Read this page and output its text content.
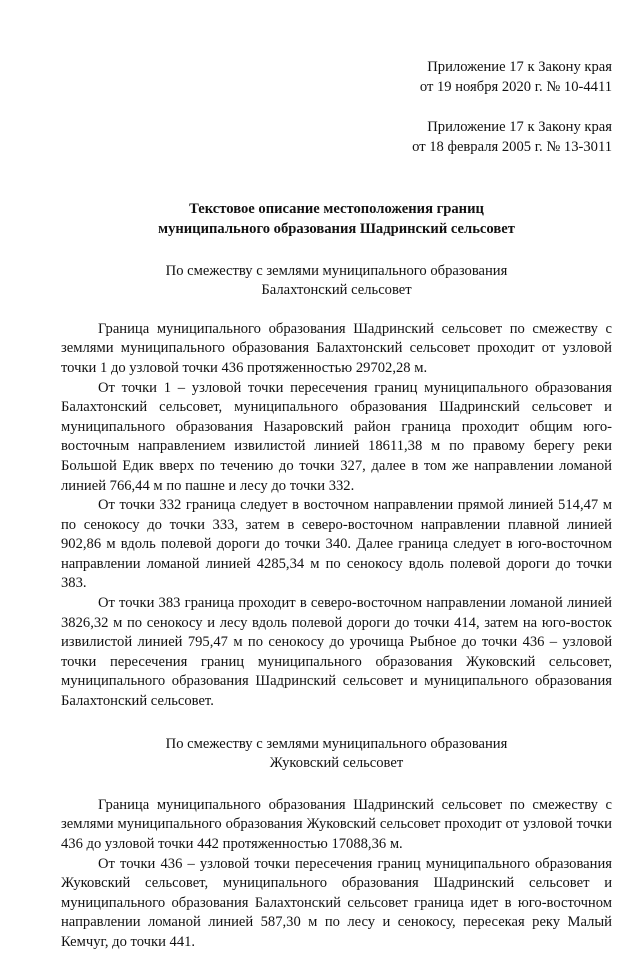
Приложение 17 к Закону края

от 19 ноября 2020 г. № 10-4411

Приложение 17 к Закону края

от 18 февраля 2005 г. № 13-3011

Текстовое описание местоположения границ

муниципального образования Шадринский сельсовет

По смежеству с землями муниципального образования

Балахтонский сельсовет

Граница муниципального образования Шадринский сельсовет по смежеству с землями муниципального образования Балахтонский сельсовет проходит от узловой точки 1 до узловой точки 436 протяженностью 29702,28 м.

От точки 1 – узловой точки пересечения границ муниципального образования Балахтонский сельсовет, муниципального образования Шадринский сельсовет и муниципального образования Назаровский район граница проходит общим юго-восточным направлением извилистой линией 18611,38 м по правому берегу реки Большой Едик вверх по течению до точки 327, далее в том же направлении ломаной линией 766,44 м по пашне и лесу до точки 332.

От точки 332 граница следует в восточном направлении прямой линией 514,47 м по сенокосу до точки 333, затем в северо-восточном направлении плавной линией 902,86 м вдоль полевой дороги до точки 340. Далее граница следует в юго-восточном направлении ломаной линией 4285,34 м по сенокосу вдоль полевой дороги до точки 383.

От точки 383 граница проходит в северо-восточном направлении ломаной линией 3826,32 м по сенокосу и лесу вдоль полевой дороги до точки 414, затем на юго-восток извилистой линией 795,47 м по сенокосу до урочища Рыбное до точки 436 – узловой точки пересечения границ муниципального образования Жуковский сельсовет, муниципального образования Шадринский сельсовет и муниципального образования Балахтонский сельсовет.

По смежеству с землями муниципального образования

Жуковский сельсовет

Граница муниципального образования Шадринский сельсовет по смежеству с землями муниципального образования Жуковский сельсовет проходит от узловой точки 436 до узловой точки 442 протяженностью 17088,36 м.

От точки 436 – узловой точки пересечения границ муниципального образования Жуковский сельсовет, муниципального образования Шадринский сельсовет и муниципального образования Балахтонский сельсовет граница идет в юго-восточном направлении ломаной линией 587,30 м по лесу и сенокосу, пересекая реку Малый Кемчуг, до точки 441.
